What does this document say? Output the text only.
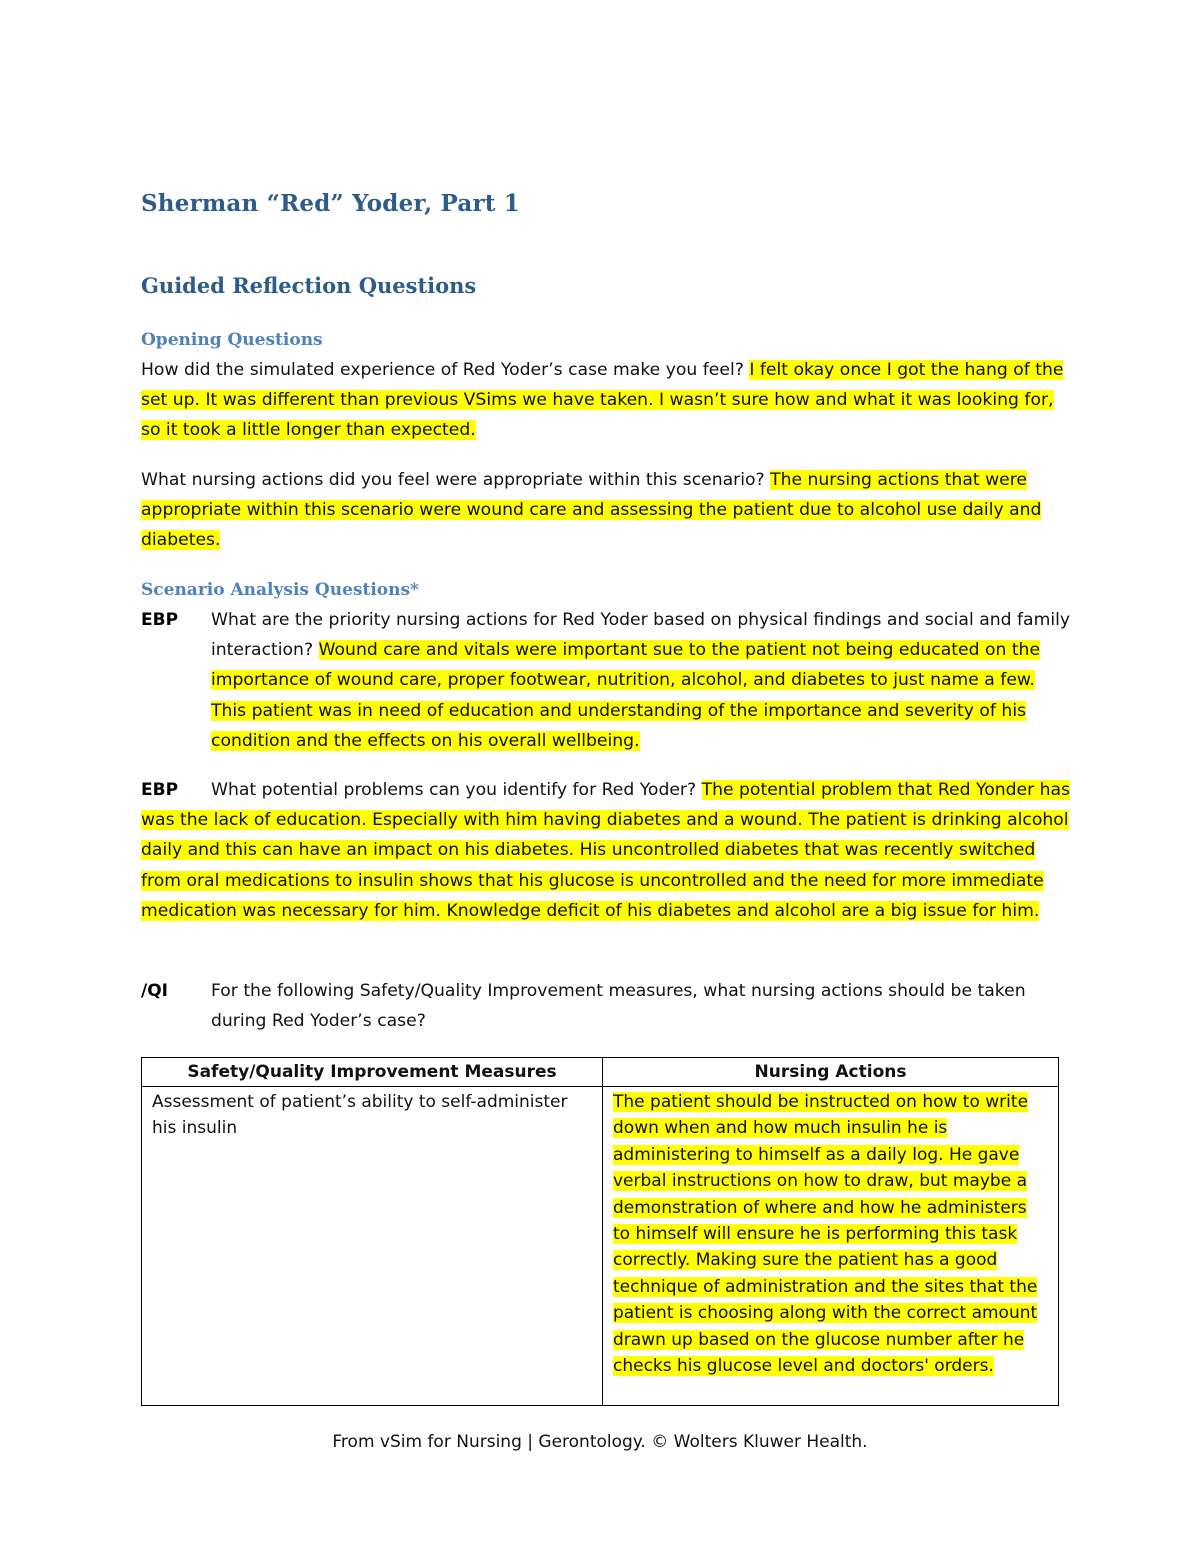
Sherman “Red” Yoder, Part 1
Guided Reflection Questions
Opening Questions
How did the simulated experience of Red Yoder’s case make you feel? I felt okay once I got the hang of the set up. It was different than previous VSims we have taken. I wasn’t sure how and what it was looking for, so it took a little longer than expected.
What nursing actions did you feel were appropriate within this scenario? The nursing actions that were appropriate within this scenario were wound care and assessing the patient due to alcohol use daily and diabetes.
Scenario Analysis Questions*
EBP What are the priority nursing actions for Red Yoder based on physical findings and social and family interaction? Wound care and vitals were important sue to the patient not being educated on the importance of wound care, proper footwear, nutrition, alcohol, and diabetes to just name a few. This patient was in need of education and understanding of the importance and severity of his condition and the effects on his overall wellbeing.
EBP	What potential problems can you identify for Red Yoder? The potential problem that Red Yonder has was the lack of education. Especially with him having diabetes and a wound. The patient is drinking alcohol daily and this can have an impact on his diabetes. His uncontrolled diabetes that was recently switched from oral medications to insulin shows that his glucose is uncontrolled and the need for more immediate medication was necessary for him. Knowledge deficit of his diabetes and alcohol are a big issue for him.
/QI	For the following Safety/Quality Improvement measures, what nursing actions should be taken during Red Yoder’s case?
Safety/Quality Improvement Measures	Nursing Actions
Assessment of patient’s ability to self-administer his insulin	The patient should be instructed on how to write down when and how much insulin he is administering to himself as a daily log. He gave verbal instructions on how to draw, but maybe a demonstration of where and how he administers to himself will ensure he is performing this task correctly. Making sure the patient has a good technique of administration and the sites that the patient is choosing along with the correct amount drawn up based on the glucose number after he checks his glucose level and doctors' orders.
From vSim for Nursing | Gerontology. © Wolters Kluwer Health.
